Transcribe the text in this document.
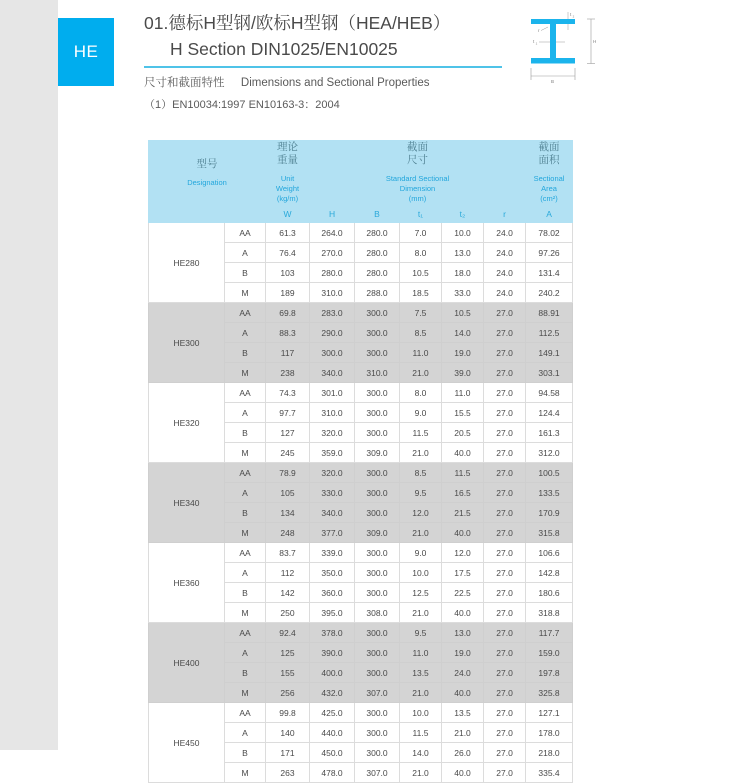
HE
01.德标H型钢/欧标H型钢（HEA/HEB）
H Section DIN1025/EN10025
尺寸和截面特性 Dimensions and Sectional Properties
（1）EN10034:1997 EN10163-3：2004
t 2
r
t 1	H
B
型号
Designation		理论
重量
Unit
Weight
(kg/m)	截面
尺寸
Standard Sectional
Dimension
(mm)					截面
面积
Sectional
Area
(cm²)

		W	H	B	t₁	t₂	r	A
HE280	AA	61.3	264.0	280.0	7.0	10.0	24.0	78.02
	A	76.4	270.0	280.0	8.0	13.0	24.0	97.26
	B	103	280.0	280.0	10.5	18.0	24.0	131.4
	M	189	310.0	288.0	18.5	33.0	24.0	240.2
HE300	AA	69.8	283.0	300.0	7.5	10.5	27.0	88.91
	A	88.3	290.0	300.0	8.5	14.0	27.0	112.5
	B	117	300.0	300.0	11.0	19.0	27.0	149.1
	M	238	340.0	310.0	21.0	39.0	27.0	303.1
HE320	AA	74.3	301.0	300.0	8.0	11.0	27.0	94.58
	A	97.7	310.0	300.0	9.0	15.5	27.0	124.4
	B	127	320.0	300.0	11.5	20.5	27.0	161.3
	M	245	359.0	309.0	21.0	40.0	27.0	312.0
HE340	AA	78.9	320.0	300.0	8.5	11.5	27.0	100.5
	A	105	330.0	300.0	9.5	16.5	27.0	133.5
	B	134	340.0	300.0	12.0	21.5	27.0	170.9
	M	248	377.0	309.0	21.0	40.0	27.0	315.8
HE360	AA	83.7	339.0	300.0	9.0	12.0	27.0	106.6
	A	112	350.0	300.0	10.0	17.5	27.0	142.8
	B	142	360.0	300.0	12.5	22.5	27.0	180.6
	M	250	395.0	308.0	21.0	40.0	27.0	318.8
HE400	AA	92.4	378.0	300.0	9.5	13.0	27.0	117.7
	A	125	390.0	300.0	11.0	19.0	27.0	159.0
	B	155	400.0	300.0	13.5	24.0	27.0	197.8
	M	256	432.0	307.0	21.0	40.0	27.0	325.8
HE450	AA	99.8	425.0	300.0	10.0	13.5	27.0	127.1
	A	140	440.0	300.0	11.5	21.0	27.0	178.0
	B	171	450.0	300.0	14.0	26.0	27.0	218.0
	M	263	478.0	307.0	21.0	40.0	27.0	335.4
